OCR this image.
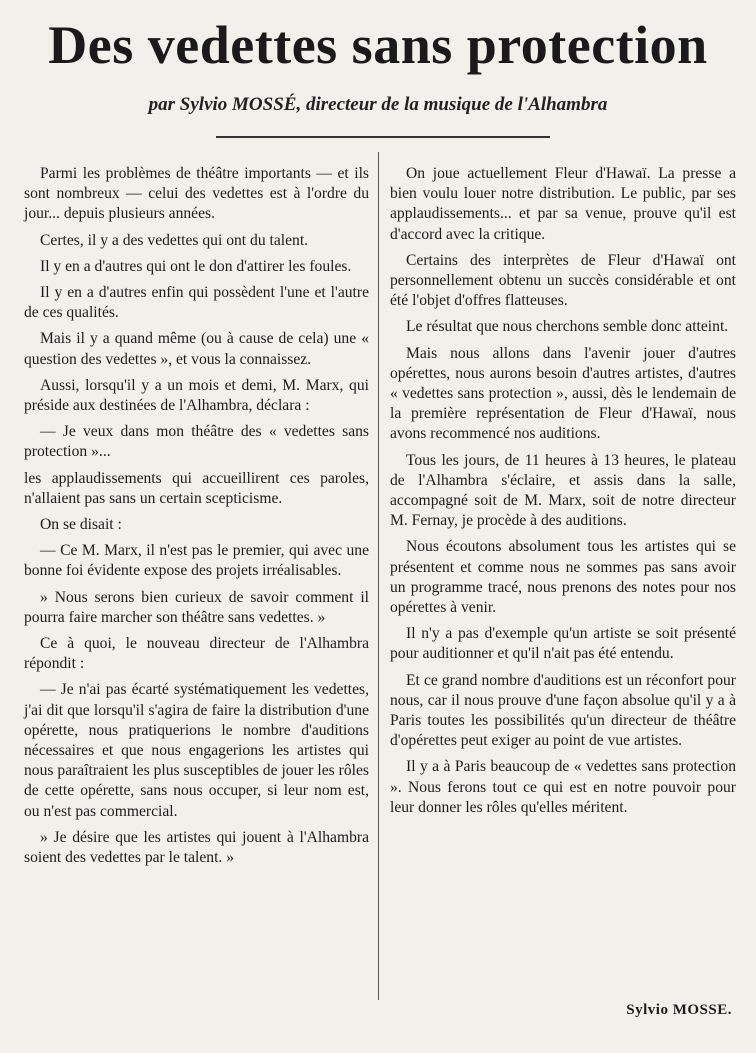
Des vedettes sans protection
par Sylvio MOSSÉ, directeur de la musique de l'Alhambra

Parmi les problèmes de théâtre importants — et ils sont nombreux — celui des vedettes est à l'ordre du jour... depuis plusieurs années.

Certes, il y a des vedettes qui ont du talent.

Il y en a d'autres qui ont le don d'attirer les foules.

Il y en a d'autres enfin qui possèdent l'une et l'autre de ces qualités.

Mais il y a quand même (ou à cause de cela) une « question des vedettes », et vous la connaissez.

Aussi, lorsqu'il y a un mois et demi, M. Marx, qui préside aux destinées de l'Alhambra, déclara :

— Je veux dans mon théâtre des « vedettes sans protection »...

les applaudissements qui accueillirent ces paroles, n'allaient pas sans un certain scepticisme.

On se disait :

— Ce M. Marx, il n'est pas le premier, qui avec une bonne foi évidente expose des projets irréalisables.

» Nous serons bien curieux de savoir comment il pourra faire marcher son théâtre sans vedettes. »

Ce à quoi, le nouveau directeur de l'Alhambra répondit :

— Je n'ai pas écarté systématiquement les vedettes, j'ai dit que lorsqu'il s'agira de faire la distribution d'une opérette, nous pratiquerions le nombre d'auditions nécessaires et que nous engagerions les artistes qui nous paraîtraient les plus susceptibles de jouer les rôles de cette opérette, sans nous occuper, si leur nom est, ou n'est pas commercial.

» Je désire que les artistes qui jouent à l'Alhambra soient des vedettes par le talent. »

On joue actuellement Fleur d'Hawaï. La presse a bien voulu louer notre distribution. Le public, par ses applaudissements... et par sa venue, prouve qu'il est d'accord avec la critique.

Certains des interprètes de Fleur d'Hawaï ont personnellement obtenu un succès considérable et ont été l'objet d'offres flatteuses.

Le résultat que nous cherchons semble donc atteint.

Mais nous allons dans l'avenir jouer d'autres opérettes, nous aurons besoin d'autres artistes, d'autres « vedettes sans protection », aussi, dès le lendemain de la première représentation de Fleur d'Hawaï, nous avons recommencé nos auditions.

Tous les jours, de 11 heures à 13 heures, le plateau de l'Alhambra s'éclaire, et assis dans la salle, accompagné soit de M. Marx, soit de notre directeur M. Fernay, je procède à des auditions.

Nous écoutons absolument tous les artistes qui se présentent et comme nous ne sommes pas sans avoir un programme tracé, nous prenons des notes pour nos opérettes à venir.

Il n'y a pas d'exemple qu'un artiste se soit présenté pour auditionner et qu'il n'ait pas été entendu.

Et ce grand nombre d'auditions est un réconfort pour nous, car il nous prouve d'une façon absolue qu'il y a à Paris toutes les possibilités qu'un directeur de théâtre d'opérettes peut exiger au point de vue artistes.

Il y a à Paris beaucoup de « vedettes sans protection ». Nous ferons tout ce qui est en notre pouvoir pour leur donner les rôles qu'elles méritent.

Sylvio MOSSE.
